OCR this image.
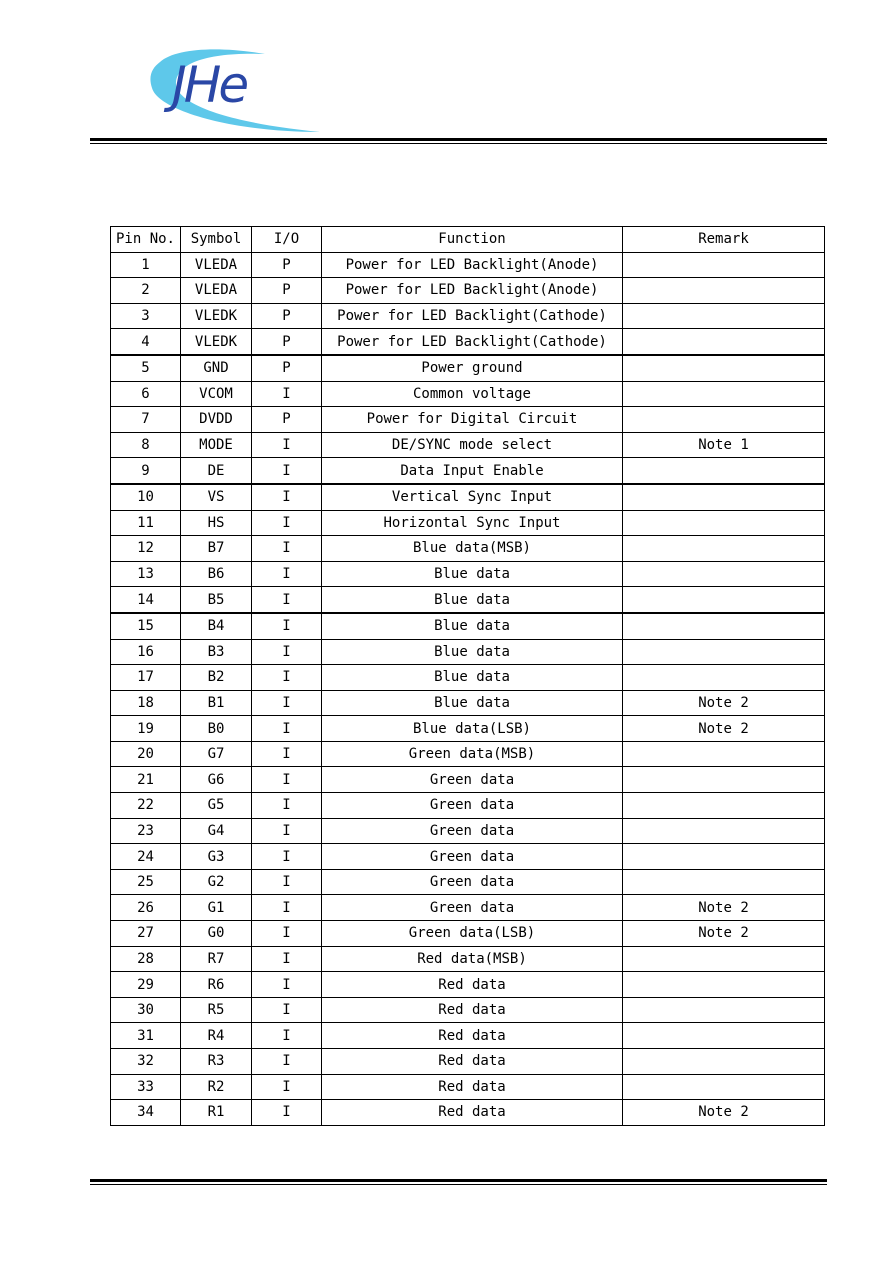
JHe
Pin No.	Symbol	I/O	Function	Remark
1	VLEDA	P	Power for LED Backlight(Anode)	
2	VLEDA	P	Power for LED Backlight(Anode)	
3	VLEDK	P	Power for LED Backlight(Cathode)	
4	VLEDK	P	Power for LED Backlight(Cathode)	
5	GND	P	Power ground	
6	VCOM	I	Common voltage	
7	DVDD	P	Power for Digital Circuit	
8	MODE	I	DE/SYNC mode select	Note 1
9	DE	I	Data Input Enable	
10	VS	I	Vertical Sync Input	
11	HS	I	Horizontal Sync Input	
12	B7	I	Blue data(MSB)	
13	B6	I	Blue data	
14	B5	I	Blue data	
15	B4	I	Blue data	
16	B3	I	Blue data	
17	B2	I	Blue data	
18	B1	I	Blue data	Note 2
19	B0	I	Blue data(LSB)	Note 2
20	G7	I	Green data(MSB)	
21	G6	I	Green data	
22	G5	I	Green data	
23	G4	I	Green data	
24	G3	I	Green data	
25	G2	I	Green data	
26	G1	I	Green data	Note 2
27	G0	I	Green data(LSB)	Note 2
28	R7	I	Red data(MSB)	
29	R6	I	Red data	
30	R5	I	Red data	
31	R4	I	Red data	
32	R3	I	Red data	
33	R2	I	Red data	
34	R1	I	Red data	Note 2
